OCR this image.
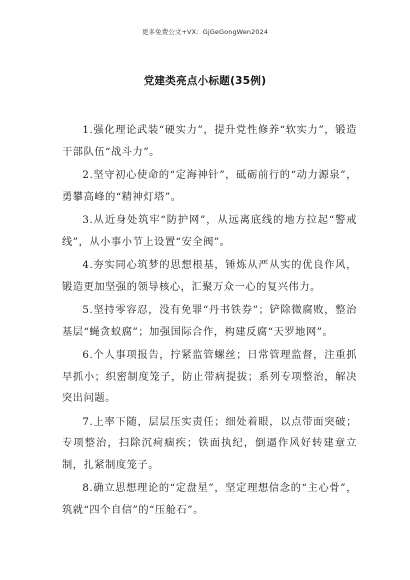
更多免费公文+VX：GjGeGongWen2024
党建类亮点小标题(35例)

1.强化理论武装“硬实力”，提升党性修养“软实力”，锻造干部队伍“战斗力”。

2.坚守初心使命的“定海神针”，砥砺前行的“动力源泉”，勇攀高峰的“精神灯塔”。

3.从近身处筑牢“防护网”，从远离底线的地方拉起“警戒线”，从小事小节上设置“安全阀”。

4.夯实同心筑梦的思想根基，锤炼从严从实的优良作风，锻造更加坚强的领导核心，汇聚万众一心的复兴伟力。

5.坚持零容忍，没有免罪“丹书铁券”；铲除微腐败，整治基层“蝇贪蚁腐”；加强国际合作，构建反腐“天罗地网”。

6.个人事项报告，拧紧监管螺丝；日常管理监督，注重抓早抓小；织密制度笼子，防止带病提拔；系列专项整治，解决突出问题。

7.上率下随，层层压实责任；细处着眼，以点带面突破；专项整治，扫除沉疴痼疾；铁面执纪，倒逼作风好转建章立制，扎紧制度笼子。

8.确立思想理论的“定盘星”，坚定理想信念的“主心骨”，筑就“四个自信”的“压舱石”。
